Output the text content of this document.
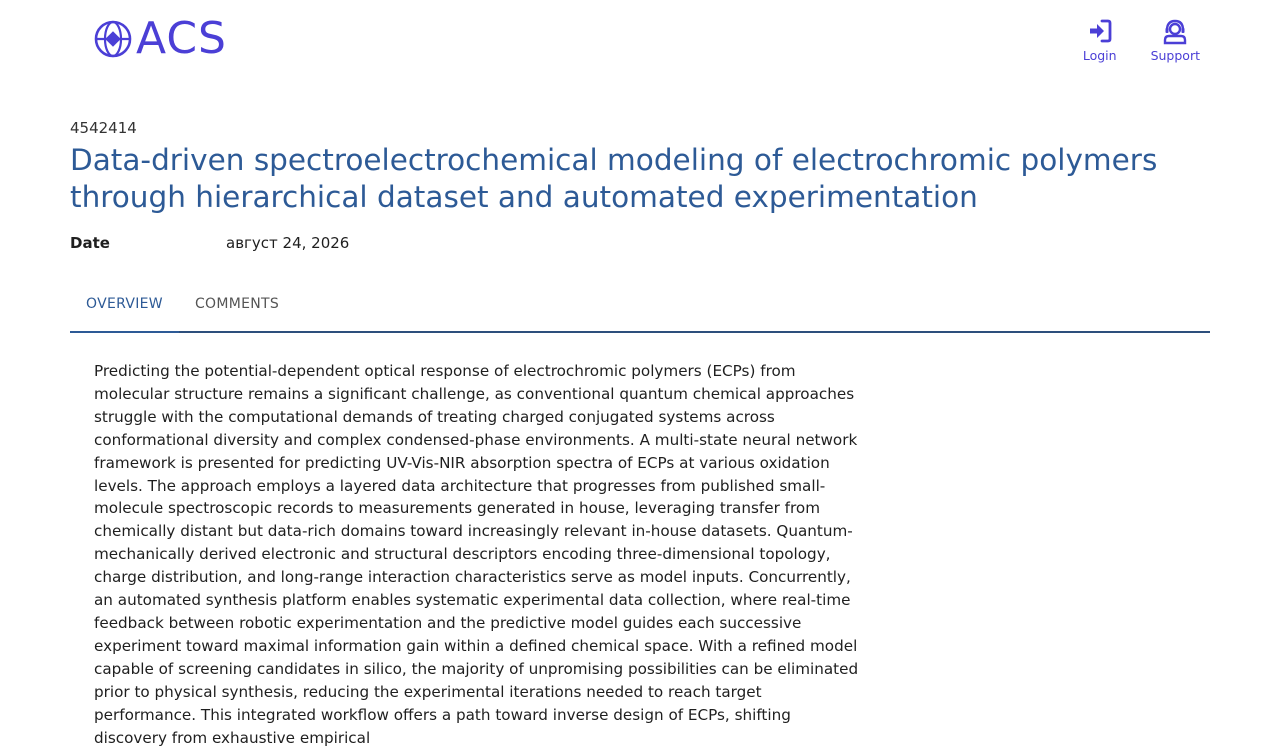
ACS	Login	Support
4542414
Data-driven spectroelectrochemical modeling of electrochromic polymers through hierarchical dataset and automated experimentation
Date	август 24, 2026
OVERVIEW	COMMENTS

Predicting the potential-dependent optical response of electrochromic polymers (ECPs) from molecular structure remains a significant challenge, as conventional quantum chemical approaches struggle with the computational demands of treating charged conjugated systems across conformational diversity and complex condensed-phase environments. A multi-state neural network framework is presented for predicting UV-Vis-NIR absorption spectra of ECPs at various oxidation levels. The approach employs a layered data architecture that progresses from published small-molecule spectroscopic records to measurements generated in house, leveraging transfer from chemically distant but data-rich domains toward increasingly relevant in-house datasets. Quantum-mechanically derived electronic and structural descriptors encoding three-dimensional topology, charge distribution, and long-range interaction characteristics serve as model inputs. Concurrently, an automated synthesis platform enables systematic experimental data collection, where real-time feedback between robotic experimentation and the predictive model guides each successive experiment toward maximal information gain within a defined chemical space. With a refined model capable of screening candidates in silico, the majority of unpromising possibilities can be eliminated prior to physical synthesis, reducing the experimental iterations needed to reach target performance. This integrated workflow offers a path toward inverse design of ECPs, shifting discovery from exhaustive empirical
